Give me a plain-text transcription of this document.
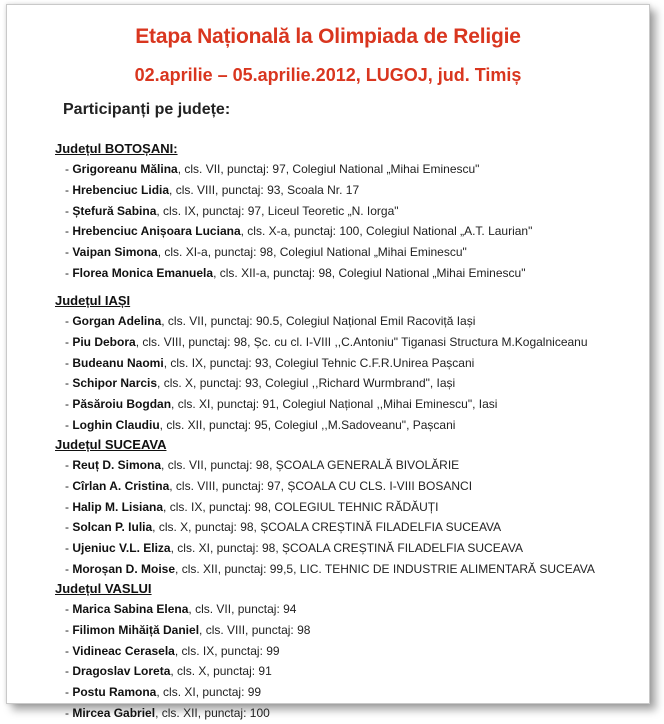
Etapa Națională la Olimpiada de Religie
02.aprilie – 05.aprilie.2012, LUGOJ, jud. Timiș
Participanți pe județe:
Județul BOTOȘANI:
- Grigoreanu Mălina, cls. VII, punctaj: 97, Colegiul National „Mihai Eminescu"
- Hrebenciuc Lidia, cls. VIII, punctaj: 93, Scoala Nr. 17
- Ștefură Sabina, cls. IX, punctaj: 97, Liceul Teoretic „N. Iorga"
- Hrebenciuc Anișoara Luciana, cls. X-a, punctaj: 100, Colegiul National „A.T. Laurian"
- Vaipan Simona, cls. XI-a, punctaj: 98, Colegiul National „Mihai Eminescu"
- Florea Monica Emanuela, cls. XII-a, punctaj: 98, Colegiul National „Mihai Eminescu"
Județul IAȘI
- Gorgan Adelina, cls. VII, punctaj: 90.5, Colegiul Național Emil Racoviță Iași
- Piu Debora, cls. VIII, punctaj: 98, Șc. cu cl. I-VIII ,,C.Antoniu" Tiganasi Structura M.Kogalniceanu
- Budeanu Naomi, cls. IX, punctaj: 93, Colegiul Tehnic C.F.R.Unirea Pașcani
- Schipor Narcis, cls. X, punctaj: 93, Colegiul ,,Richard Wurmbrand", Iași
- Păsăroiu Bogdan, cls. XI, punctaj: 91, Colegiul Național ,,Mihai Eminescu", Iasi
- Loghin Claudiu, cls. XII, punctaj: 95, Colegiul ,,M.Sadoveanu", Pașcani
Județul SUCEAVA
- Reuț D. Simona, cls. VII, punctaj: 98, ȘCOALA GENERALĂ BIVOLĂRIE
- Cîrlan A. Cristina, cls. VIII, punctaj: 97, ȘCOALA CU CLS. I-VIII BOSANCI
- Halip M. Lisiana, cls. IX, punctaj: 98, COLEGIUL TEHNIC RĂDĂUȚI
- Solcan P. Iulia, cls. X, punctaj: 98, ȘCOALA CREȘTINĂ FILADELFIA SUCEAVA
- Ujeniuc V.L. Eliza, cls. XI, punctaj: 98, ȘCOALA CREȘTINĂ FILADELFIA SUCEAVA
- Moroșan D. Moise, cls. XII, punctaj: 99,5, LIC. TEHNIC DE INDUSTRIE ALIMENTARĂ SUCEAVA
Județul VASLUI
- Marica Sabina Elena, cls. VII, punctaj: 94
- Filimon Mihăiță Daniel, cls. VIII, punctaj: 98
- Vidineac Cerasela, cls. IX, punctaj: 99
- Dragoslav Loreta, cls. X, punctaj: 91
- Postu Ramona, cls. XI, punctaj: 99
- Mircea Gabriel, cls. XII, punctaj: 100
